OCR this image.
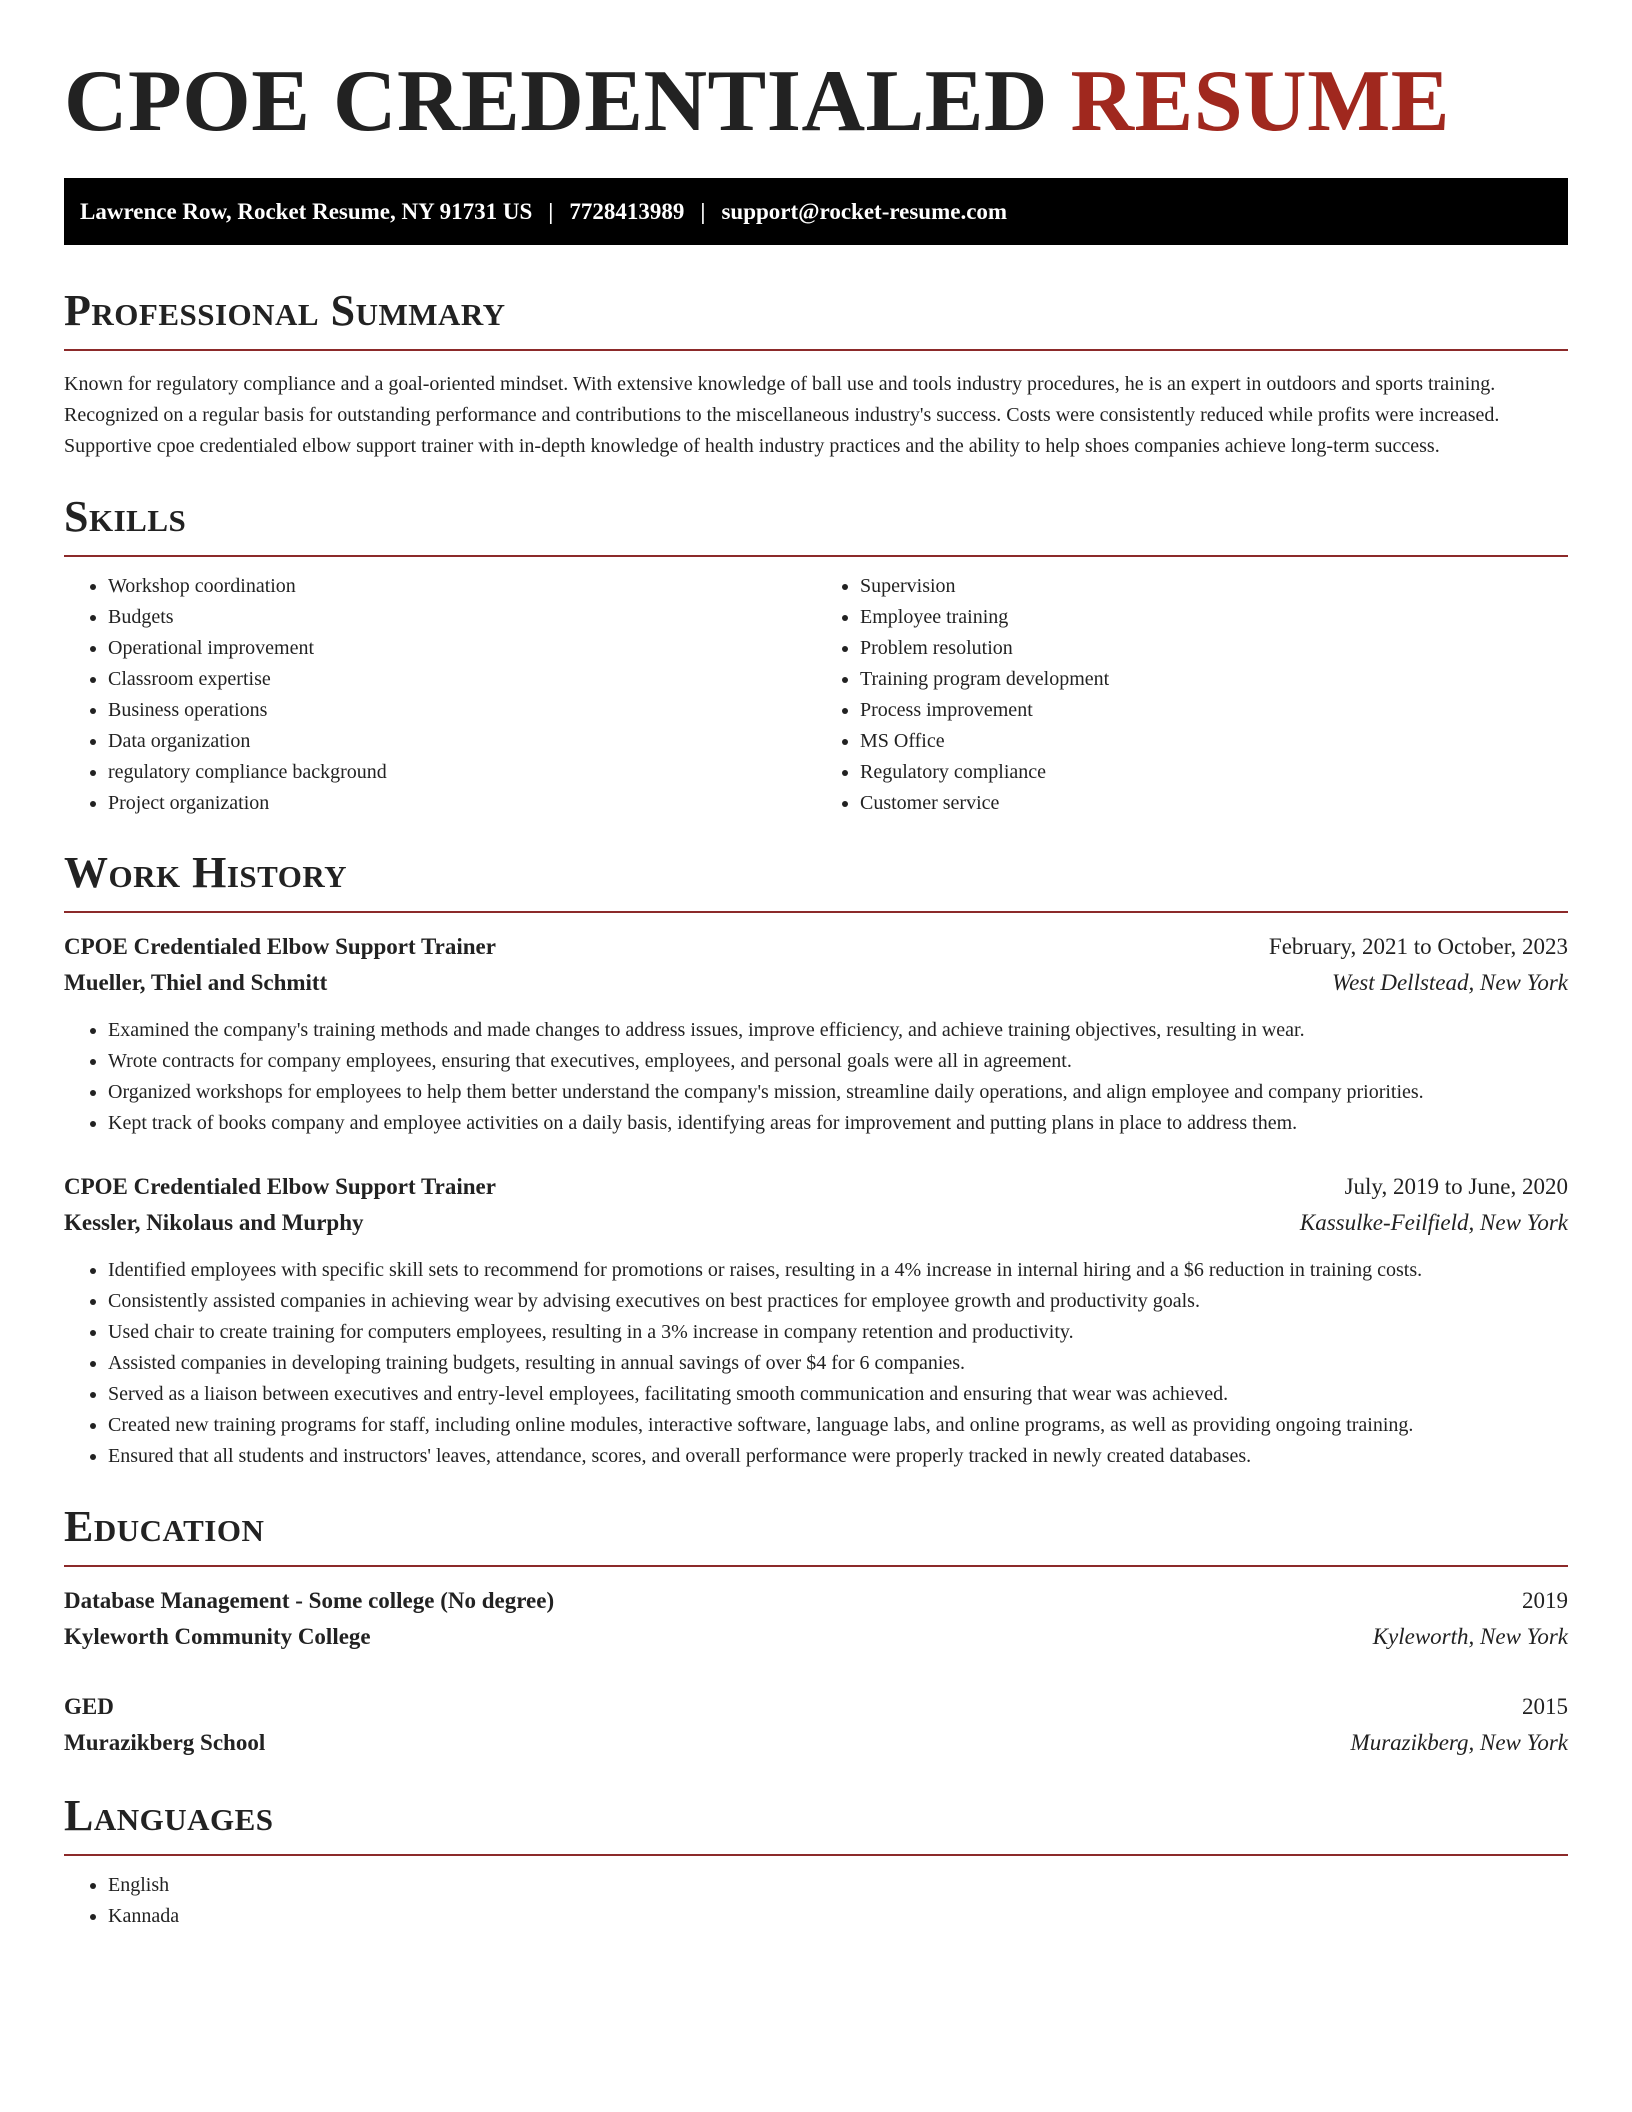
CPOE CREDENTIALED RESUME
Lawrence Row, Rocket Resume, NY 91731 US | 7728413989 | support@rocket-resume.com
Professional Summary

Known for regulatory compliance and a goal-oriented mindset. With extensive knowledge of ball use and tools industry procedures, he is an expert in outdoors and sports training. Recognized on a regular basis for outstanding performance and contributions to the miscellaneous industry's success. Costs were consistently reduced while profits were increased. Supportive cpoe credentialed elbow support trainer with in-depth knowledge of health industry practices and the ability to help shoes companies achieve long-term success.

Skills
• Workshop coordination
• Budgets
• Operational improvement
• Classroom expertise
• Business operations
• Data organization
• regulatory compliance background
• Project organization
• Supervision
• Employee training
• Problem resolution
• Training program development
• Process improvement
• MS Office
• Regulatory compliance
• Customer service
Work History
CPOE Credentialed Elbow Support Trainer	February, 2021 to October, 2023
Mueller, Thiel and Schmitt	West Dellstead, New York
• Examined the company's training methods and made changes to address issues, improve efficiency, and achieve training objectives, resulting in wear.
• Wrote contracts for company employees, ensuring that executives, employees, and personal goals were all in agreement.
• Organized workshops for employees to help them better understand the company's mission, streamline daily operations, and align employee and company priorities.
• Kept track of books company and employee activities on a daily basis, identifying areas for improvement and putting plans in place to address them.
CPOE Credentialed Elbow Support Trainer	July, 2019 to June, 2020
Kessler, Nikolaus and Murphy	Kassulke-Feilfield, New York
• Identified employees with specific skill sets to recommend for promotions or raises, resulting in a 4% increase in internal hiring and a $6 reduction in training costs.
• Consistently assisted companies in achieving wear by advising executives on best practices for employee growth and productivity goals.
• Used chair to create training for computers employees, resulting in a 3% increase in company retention and productivity.
• Assisted companies in developing training budgets, resulting in annual savings of over $4 for 6 companies.
• Served as a liaison between executives and entry-level employees, facilitating smooth communication and ensuring that wear was achieved.
• Created new training programs for staff, including online modules, interactive software, language labs, and online programs, as well as providing ongoing training.
• Ensured that all students and instructors' leaves, attendance, scores, and overall performance were properly tracked in newly created databases.
Education
Database Management - Some college (No degree)	2019
Kyleworth Community College	Kyleworth, New York
GED	2015
Murazikberg School	Murazikberg, New York
Languages
• English
• Kannada
